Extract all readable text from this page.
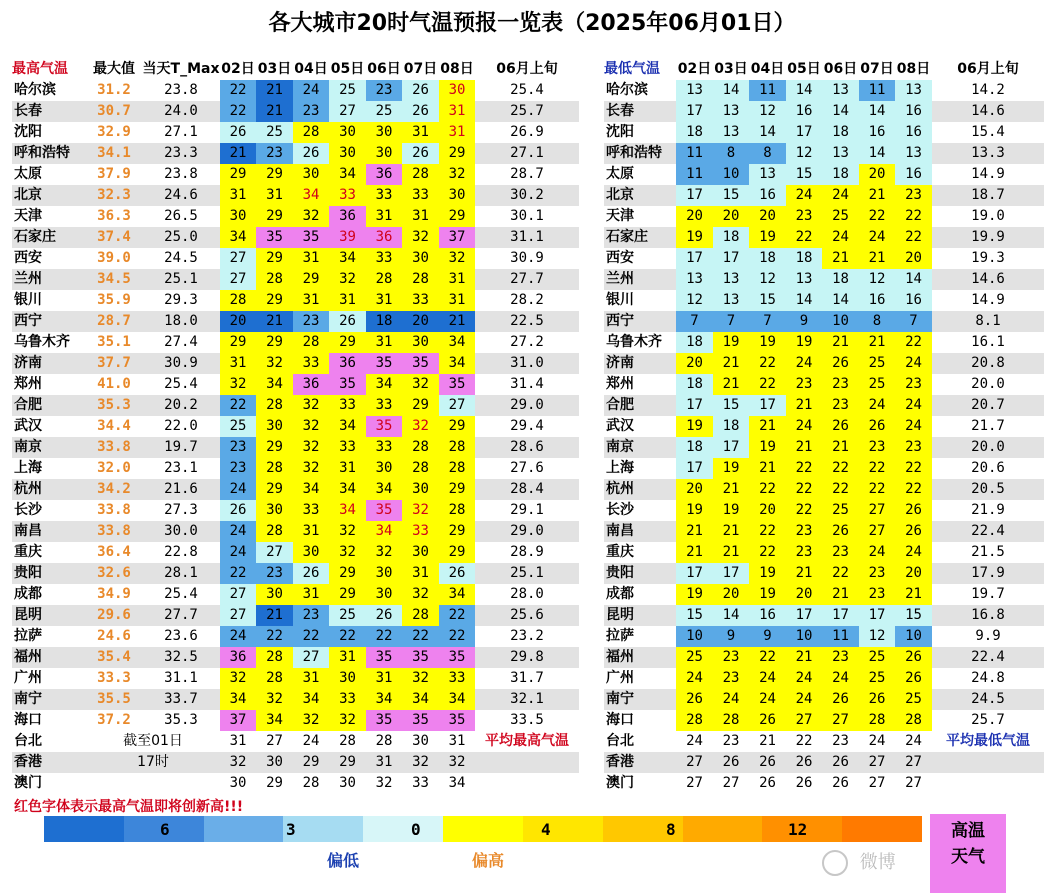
各大城市20时气温预报一览表（2025年06月01日）
最高气温	最大值	当天T_Max	02日	03日	04日	05日	06日	07日	08日	06月上旬
哈尔滨	31.2	23.8	22	21	24	25	23	26	30	25.4
长春	30.7	24.0	22	21	23	27	25	26	31	25.7
沈阳	32.9	27.1	26	25	28	30	30	31	31	26.9
呼和浩特	34.1	23.3	21	23	26	30	30	26	29	27.1
太原	37.9	23.8	29	29	30	34	36	28	32	28.7
北京	32.3	24.6	31	31	34	33	33	33	30	30.2
天津	36.3	26.5	30	29	32	36	31	31	29	30.1
石家庄	37.4	25.0	34	35	35	39	36	32	37	31.1
西安	39.0	24.5	27	29	31	34	33	30	32	30.9
兰州	34.5	25.1	27	28	29	32	28	28	31	27.7
银川	35.9	29.3	28	29	31	31	31	33	31	28.2
西宁	28.7	18.0	20	21	23	26	18	20	21	22.5
乌鲁木齐	35.1	27.4	29	29	28	29	31	30	34	27.2
济南	37.7	30.9	31	32	33	36	35	35	34	31.0
郑州	41.0	25.4	32	34	36	35	34	32	35	31.4
合肥	35.3	20.2	22	28	32	33	33	29	27	29.0
武汉	34.4	22.0	25	30	32	34	35	32	29	29.4
南京	33.8	19.7	23	29	32	33	33	28	28	28.6
上海	32.0	23.1	23	28	32	31	30	28	28	27.6
杭州	34.2	21.6	24	29	34	34	34	30	29	28.4
长沙	33.8	27.3	26	30	33	34	35	32	28	29.1
南昌	33.8	30.0	24	28	31	32	34	33	29	29.0
重庆	36.4	22.8	24	27	30	32	32	30	29	28.9
贵阳	32.6	28.1	22	23	26	29	30	31	26	25.1
成都	34.9	25.4	27	30	31	29	30	32	34	28.0
昆明	29.6	27.7	27	21	23	25	26	28	22	25.6
拉萨	24.6	23.6	24	22	22	22	22	22	22	23.2
福州	35.4	32.5	36	28	27	31	35	35	35	29.8
广州	33.3	31.1	32	28	31	30	31	32	33	31.7
南宁	35.5	33.7	34	32	34	33	34	34	34	32.1
海口	37.2	35.3	37	34	32	32	35	35	35	33.5
台北	截至01日		31	27	24	28	28	30	31	平均最高气温
香港	17时		32	30	29	29	31	32	32	
澳门			30	29	28	30	32	33	34	
最低气温	02日	03日	04日	05日	06日	07日	08日	06月上旬
哈尔滨	13	14	11	14	13	11	13	14.2
长春	17	13	12	16	14	14	16	14.6
沈阳	18	13	14	17	18	16	16	15.4
呼和浩特	11	8	8	12	13	14	13	13.3
太原	11	10	13	15	18	20	16	14.9
北京	17	15	16	24	24	21	23	18.7
天津	20	20	20	23	25	22	22	19.0
石家庄	19	18	19	22	24	24	22	19.9
西安	17	17	18	18	21	21	20	19.3
兰州	13	13	12	13	18	12	14	14.6
银川	12	13	15	14	14	16	16	14.9
西宁	7	7	7	9	10	8	7	8.1
乌鲁木齐	18	19	19	19	21	21	22	16.1
济南	20	21	22	24	26	25	24	20.8
郑州	18	21	22	23	23	25	23	20.0
合肥	17	15	17	21	23	24	24	20.7
武汉	19	18	21	24	26	26	24	21.7
南京	18	17	19	21	21	23	23	20.0
上海	17	19	21	22	22	22	22	20.6
杭州	20	21	22	22	22	22	22	20.5
长沙	19	19	20	22	25	27	26	21.9
南昌	21	21	22	23	26	27	26	22.4
重庆	21	21	22	23	23	24	24	21.5
贵阳	17	17	19	21	22	23	20	17.9
成都	19	20	19	20	21	23	21	19.7
昆明	15	14	16	17	17	17	15	16.8
拉萨	10	9	9	10	11	12	10	9.9
福州	25	23	22	21	23	25	26	22.4
广州	24	23	24	24	24	25	26	24.8
南宁	26	24	24	24	26	26	25	24.5
海口	28	28	26	27	27	28	28	25.7
台北	24	23	21	22	23	24	24	平均最低气温
香港	27	26	26	26	26	27	27	
澳门	27	27	26	26	26	27	27	
红色字体表示最高气温即将创新高!!!
6	3	0	4	8	12
偏低	偏高
高温
天气
微博
